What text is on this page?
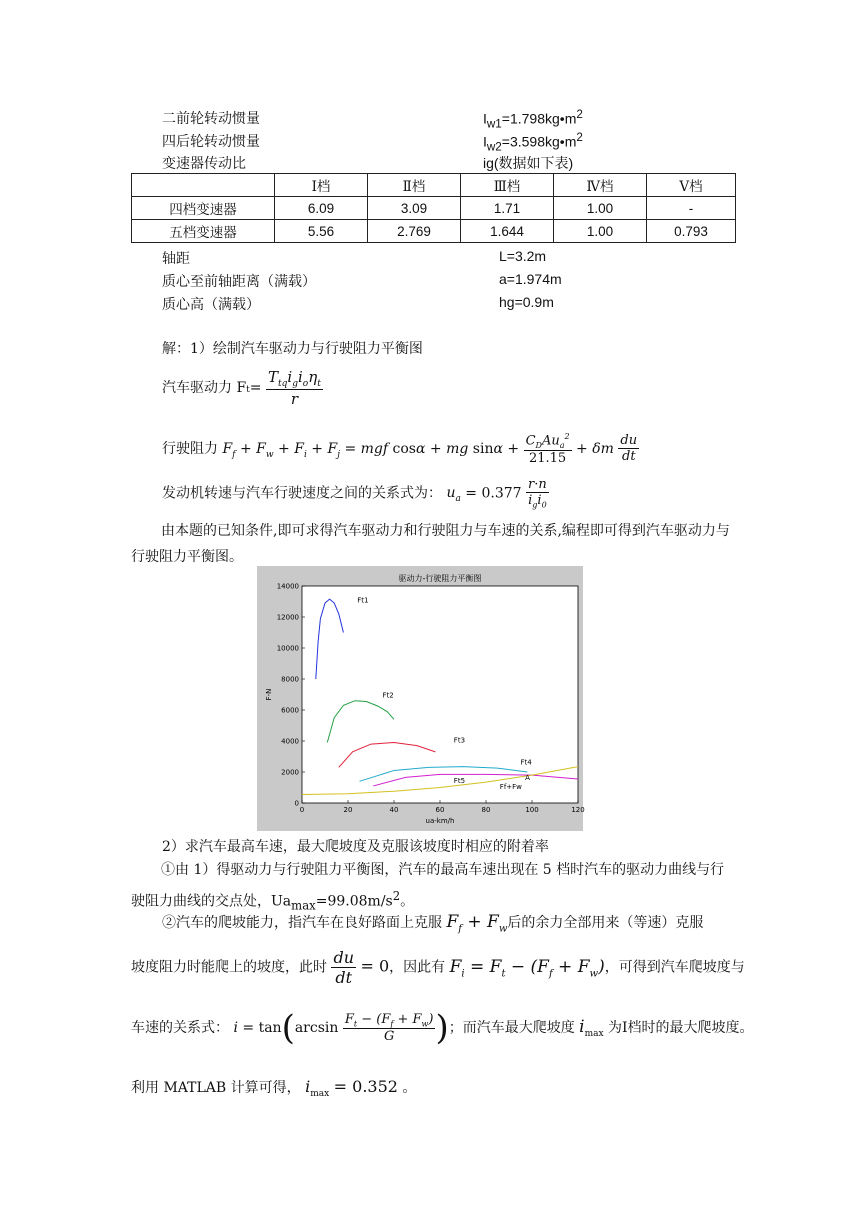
二前轮转动惯量	$I_{w1}=1.798kg•m^2$
四后轮转动惯量	$I_{w2}=3.598kg•m^2$
变速器传动比	ig(数据如下表)
	Ⅰ档	Ⅱ档	Ⅲ档	Ⅳ档	Ⅴ档
四档变速器	6.09	3.09	1.71	1.00	-
五档变速器	5.56	2.769	1.644	1.00	0.793
轴距	L=3.2m
质心至前轴距离（满载）	a=1.974m
质心高（满载）	hg=0.9m
解：1）绘制汽车驱动力与行驶阻力平衡图
汽车驱动力 $Ft= \frac{T_{tq}i_gi_o\eta_t}{r}$
行驶阻力 $F_f + F_w + F_i + F_j$ = mgf cosα + mg $\sin\alpha + \frac{C_DAu_a^2}{21.15} + \delta m \frac{du}{dt}$
发动机转速与汽车行驶速度之间的关系式为： $u_a = 0.377 \frac{r\cdot n}{i_gi_0}$
由本题的已知条件,即可求得汽车驱动力和行驶阻力与车速的关系,编程即可得到汽车驱动力与行驶阻力平衡图。
驱动力-行驶阻力平衡图
0	20	40	60	80	100	120
0
2000
4000
6000
8000
10000
12000
14000
ua-km/h
F-N
Ft1
Ft2
Ft3
Ft4
Ft5
Ff+Fw
A
2）求汽车最高车速，最大爬坡度及克服该坡度时相应的附着率
①由 1）得驱动力与行驶阻力平衡图，汽车的最高车速出现在 5 档时汽车的驱动力曲线与行驶阻力曲线的交点处，$Ua_{max}=99.08m/s^2$。
②汽车的爬坡能力，指汽车在良好路面上克服 $F_f + F_w$后的余力全部用来（等速）克服
坡度阻力时能爬上的坡度，此时 $\frac{du}{dt} = 0$，因此有 $F_i = F_t - (F_f + F_w)$，可得到汽车爬坡度与
车速的关系式： $i = \tan(\arcsin \frac{F_t - (F_f + F_w)}{G}$ )；而汽车最大爬坡度 $i_{max}$ 为Ⅰ档时的最大爬坡度。
利用 MATLAB 计算可得， $i_{max} = 0.352$ 。
